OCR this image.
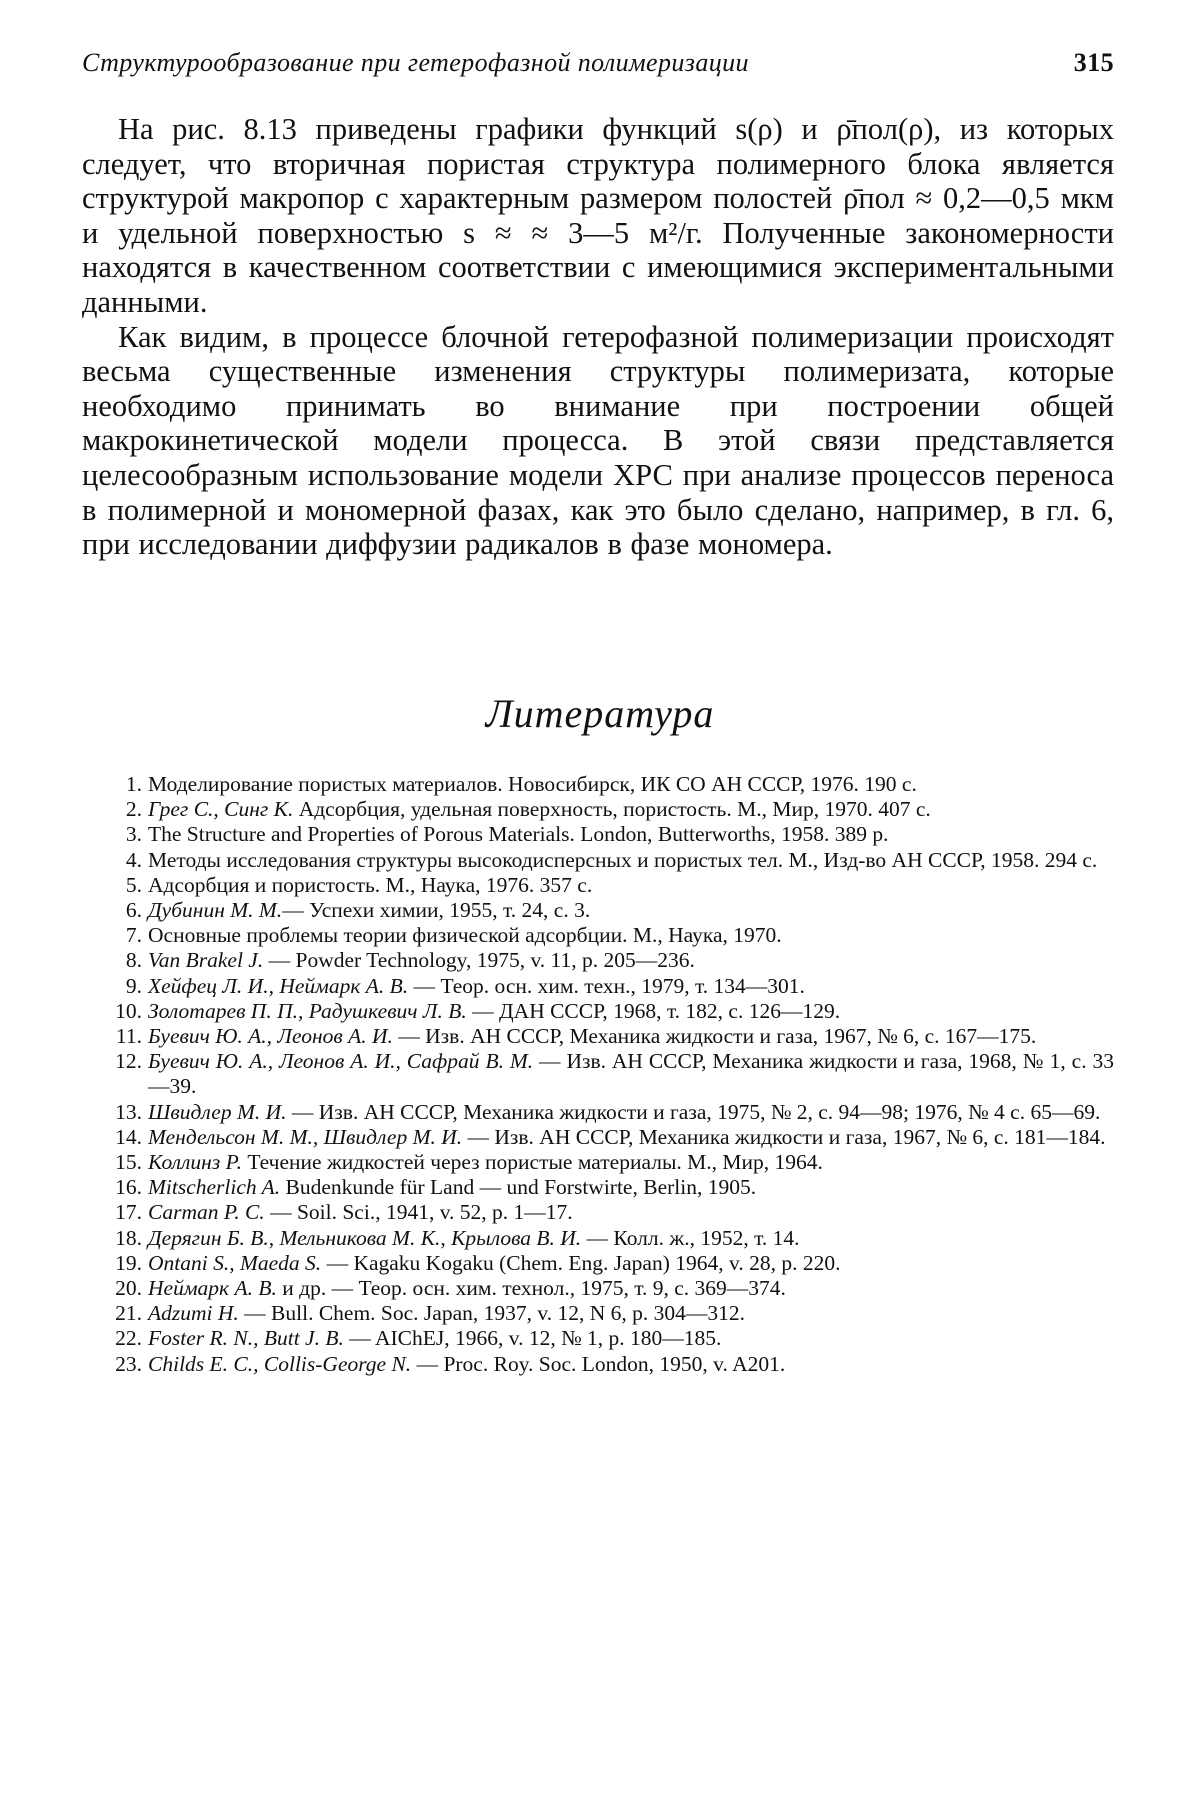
Структурообразование при гетерофазной полимеризации	315

На рис. 8.13 приведены графики функций s(ρ) и ρ̄пол(ρ), из которых следует, что вторичная пористая структура полимерного блока является структурой макропор с характерным размером полостей ρ̄пол ≈ 0,2—0,5 мкм и удельной поверхностью s ≈ ≈ 3—5 м²/г. Полученные закономерности находятся в качественном соответствии с имеющимися экспериментальными данными.

Как видим, в процессе блочной гетерофазной полимеризации происходят весьма существенные изменения структуры полимеризата, которые необходимо принимать во внимание при построении общей макрокинетической модели процесса. В этой связи представляется целесообразным использование модели ХРС при анализе процессов переноса в полимерной и мономерной фазах, как это было сделано, например, в гл. 6, при исследовании диффузии радикалов в фазе мономера.

Литература
1. Моделирование пористых материалов. Новосибирск, ИК СО АН СССР, 1976. 190 с.
2. Грег С., Синг К. Адсорбция, удельная поверхность, пористость. М., Мир, 1970. 407 с.
3. The Structure and Properties of Porous Materials. London, Butterworths, 1958. 389 p.
4. Методы исследования структуры высокодисперсных и пористых тел. М., Изд-во АН СССР, 1958. 294 с.
5. Адсорбция и пористость. М., Наука, 1976. 357 с.
6. Дубинин М. М.— Успехи химии, 1955, т. 24, с. 3.
7. Основные проблемы теории физической адсорбции. М., Наука, 1970.
8. Van Brakel J. — Powder Technology, 1975, v. 11, p. 205—236.
9. Хейфец Л. И., Неймарк А. В. — Теор. осн. хим. техн., 1979, т. 134—301.
10. Золотарев П. П., Радушкевич Л. В. — ДАН СССР, 1968, т. 182, с. 126—129.
11. Буевич Ю. А., Леонов А. И. — Изв. АН СССР, Механика жидкости и газа, 1967, № 6, с. 167—175.
12. Буевич Ю. А., Леонов А. И., Сафрай В. М. — Изв. АН СССР, Механика жидкости и газа, 1968, № 1, с. 33—39.
13. Швидлер М. И. — Изв. АН СССР, Механика жидкости и газа, 1975, № 2, с. 94—98; 1976, № 4 с. 65—69.
14. Мендельсон М. М., Швидлер М. И. — Изв. АН СССР, Механика жидкости и газа, 1967, № 6, с. 181—184.
15. Коллинз Р. Течение жидкостей через пористые материалы. М., Мир, 1964.
16. Mitscherlich A. Budenkunde für Land — und Forstwirte, Berlin, 1905.
17. Carman P. C. — Soil. Sci., 1941, v. 52, p. 1—17.
18. Дерягин Б. В., Мельникова М. К., Крылова В. И. — Колл. ж., 1952, т. 14.
19. Ontani S., Maeda S. — Kagaku Kogaku (Chem. Eng. Japan) 1964, v. 28, p. 220.
20. Неймарк А. В. и др. — Теор. осн. хим. технол., 1975, т. 9, с. 369—374.
21. Adzumi H. — Bull. Chem. Soc. Japan, 1937, v. 12, N 6, p. 304—312.
22. Foster R. N., Butt J. B. — AIChEJ, 1966, v. 12, № 1, p. 180—185.
23. Childs E. C., Collis-George N. — Proc. Roy. Soc. London, 1950, v. A201.
